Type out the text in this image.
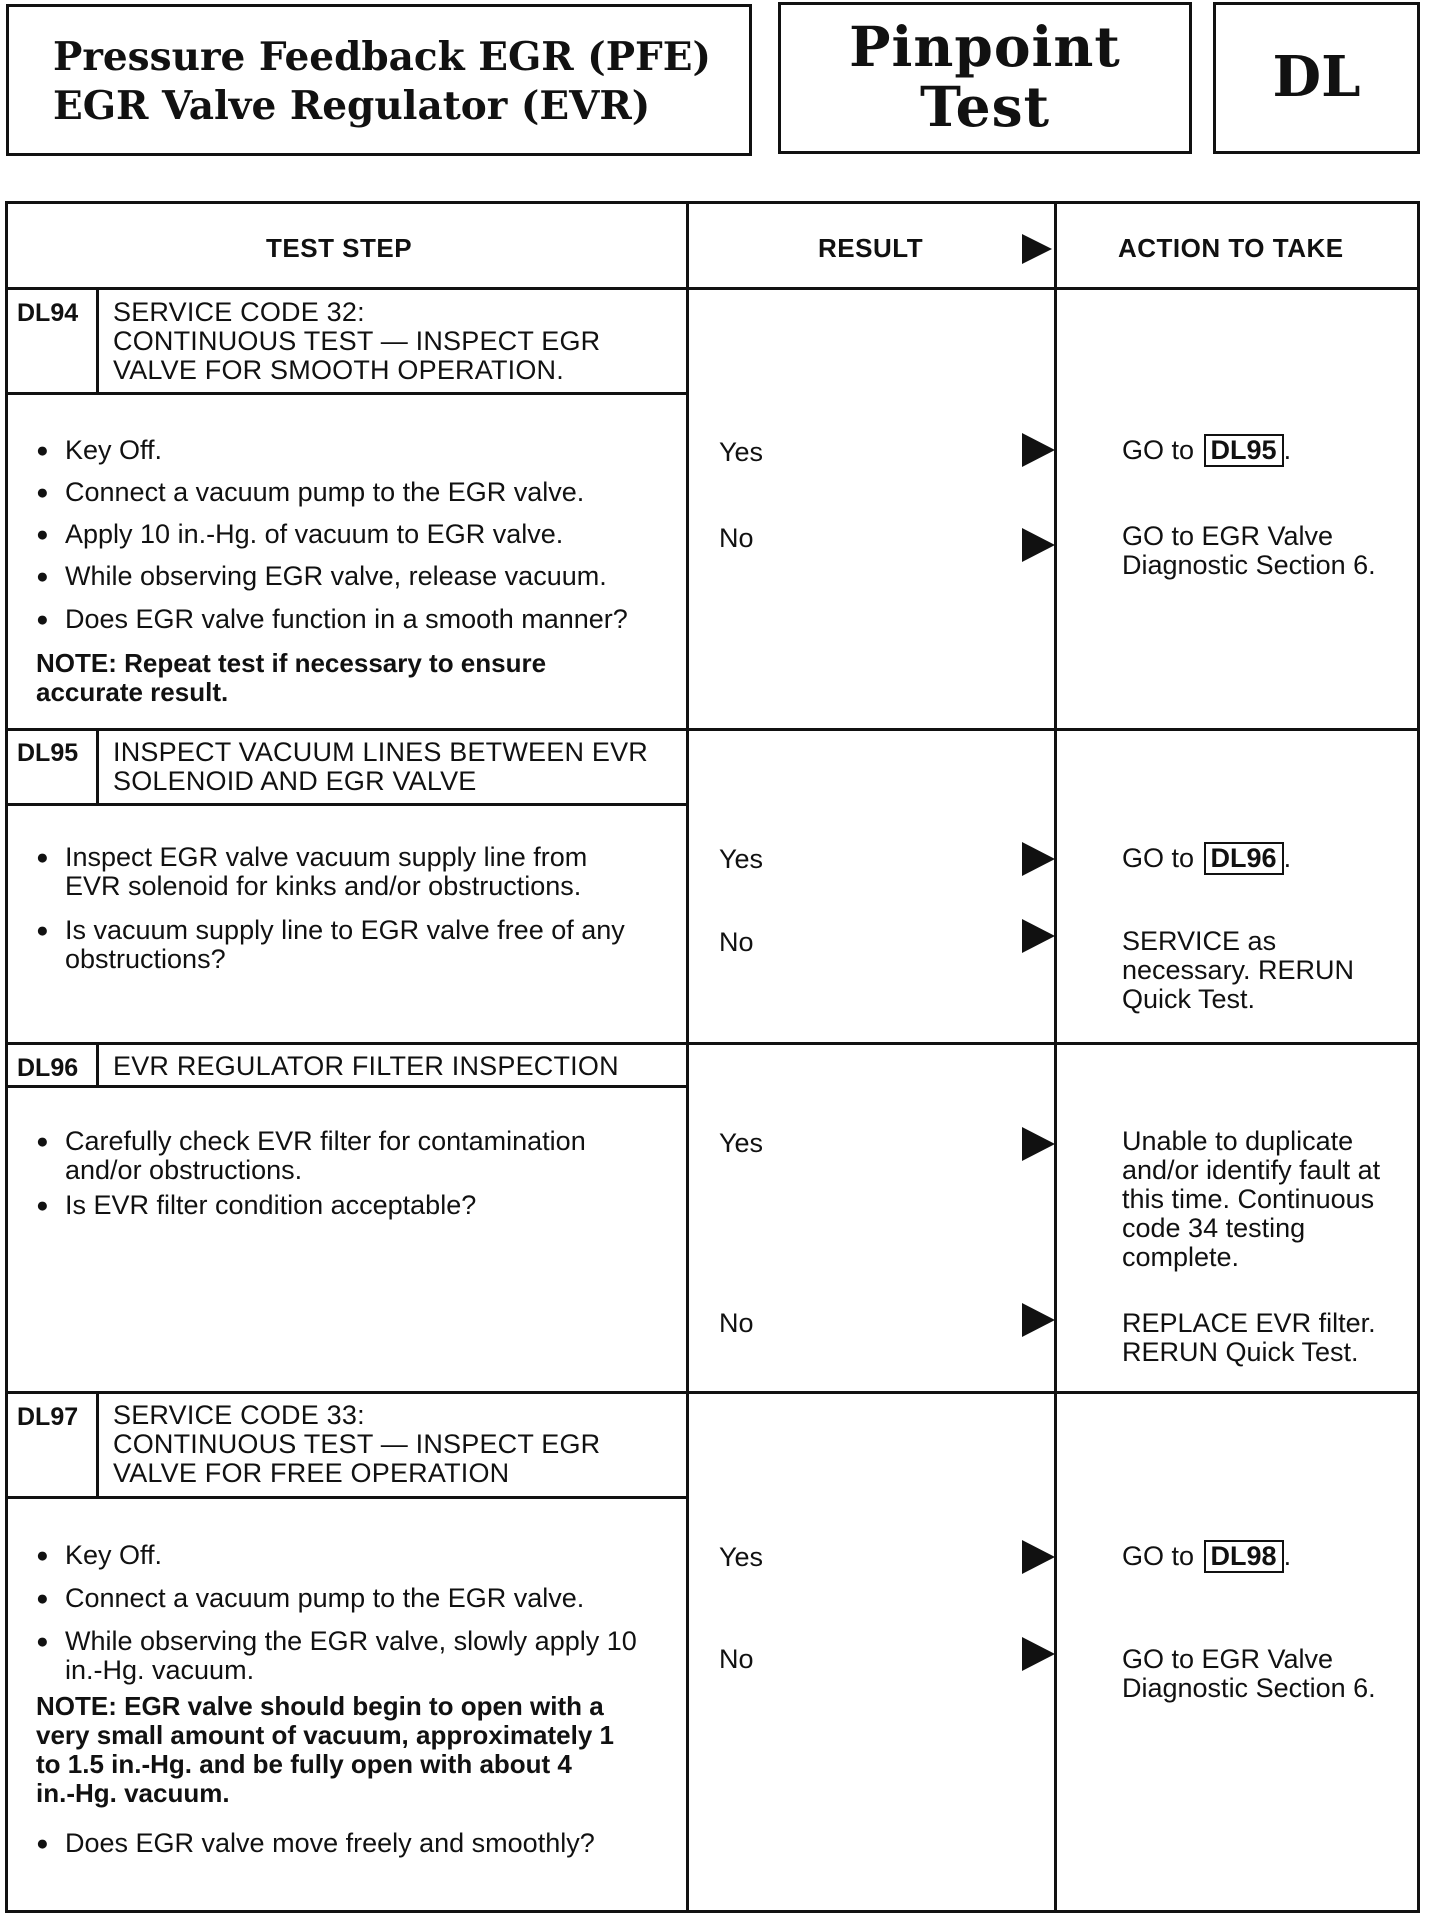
Pressure Feedback EGR (PFE)
EGR Valve Regulator (EVR)
Pinpoint
Test	DL
TEST STEP	RESULT	ACTION TO TAKE
DL94 SERVICE CODE 32:
CONTINUOUS TEST — INSPECT EGR
VALVE FOR SMOOTH OPERATION.
● Key Off.
● Connect a vacuum pump to the EGR valve.
● Apply 10 in.-Hg. of vacuum to EGR valve.
● While observing EGR valve, release vacuum.
● Does EGR valve function in a smooth manner?
NOTE: Repeat test if necessary to ensure
accurate result.
Yes	GO to DL95 .
No	GO to EGR Valve
Diagnostic Section 6.
DL95 INSPECT VACUUM LINES BETWEEN EVR
SOLENOID AND EGR VALVE
● Inspect EGR valve vacuum supply line from
EVR solenoid for kinks and/or obstructions.
● Is vacuum supply line to EGR valve free of any
obstructions?
Yes	GO to DL96 .
No	SERVICE as
necessary. RERUN
Quick Test.
DL96 EVR REGULATOR FILTER INSPECTION
● Carefully check EVR filter for contamination
and/or obstructions.
● Is EVR filter condition acceptable?
Yes	Unable to duplicate
and/or identify fault at
this time. Continuous
code 34 testing
complete.
No	REPLACE EVR filter.
RERUN Quick Test.
DL97 SERVICE CODE 33:
CONTINUOUS TEST — INSPECT EGR
VALVE FOR FREE OPERATION
● Key Off.
● Connect a vacuum pump to the EGR valve.
● While observing the EGR valve, slowly apply 10
in.-Hg. vacuum.
NOTE: EGR valve should begin to open with a
very small amount of vacuum, approximately 1
to 1.5 in.-Hg. and be fully open with about 4
in.-Hg. vacuum.
● Does EGR valve move freely and smoothly?
Yes	GO to DL98 .
No	GO to EGR Valve
Diagnostic Section 6.
